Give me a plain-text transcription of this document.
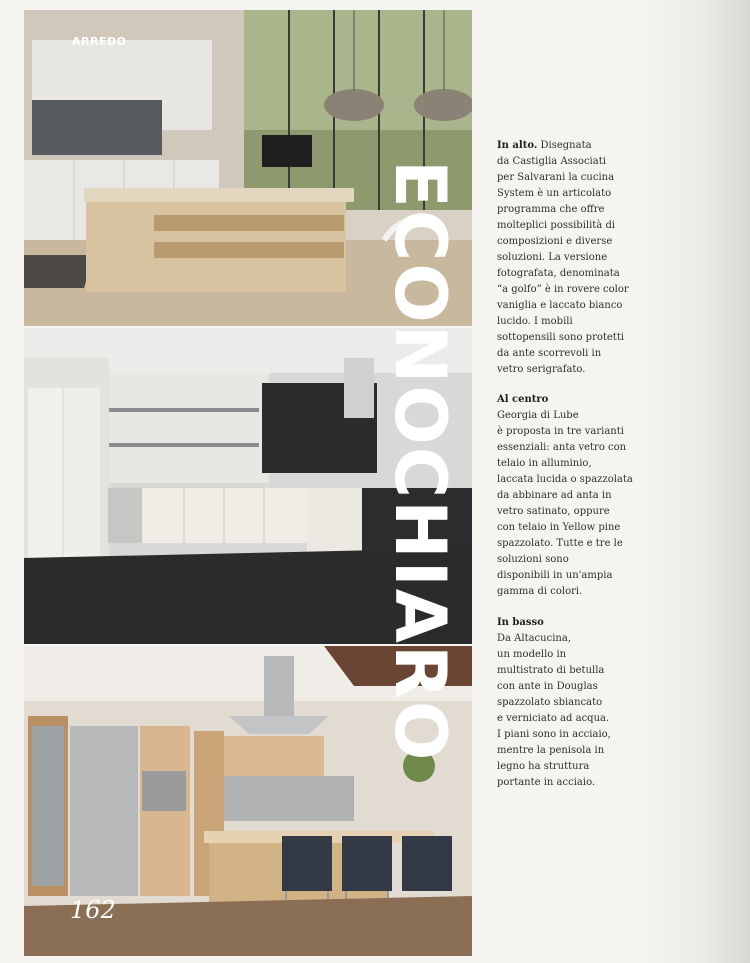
ARREDO
162
ECONOCHIARO
In alto. Disegnata
da Castiglia Associati
per Salvarani la cucina
System è un articolato
programma che offre
molteplici possibilità di
composizioni e diverse
soluzioni. La versione
fotografata, denominata
“a golfo” è in rovere color
vaniglia e laccato bianco
lucido. I mobili
sottopensili sono protetti
da ante scorrevoli in
vetro serigrafato.
Al centro
Georgia di Lube
è proposta in tre varianti
essenziali: anta vetro con
telaio in alluminio,
laccata lucida o spazzolata
da abbinare ad anta in
vetro satinato, oppure
con telaio in Yellow pine
spazzolato. Tutte e tre le
soluzioni sono
disponibili in un'ampia
gamma di colori.
In basso
Da Altacucina,
un modello in
multistrato di betulla
con ante in Douglas
spazzolato sbiancato
e verniciato ad acqua.
I piani sono in acciaio,
mentre la penisola in
legno ha struttura
portante in acciaio.
